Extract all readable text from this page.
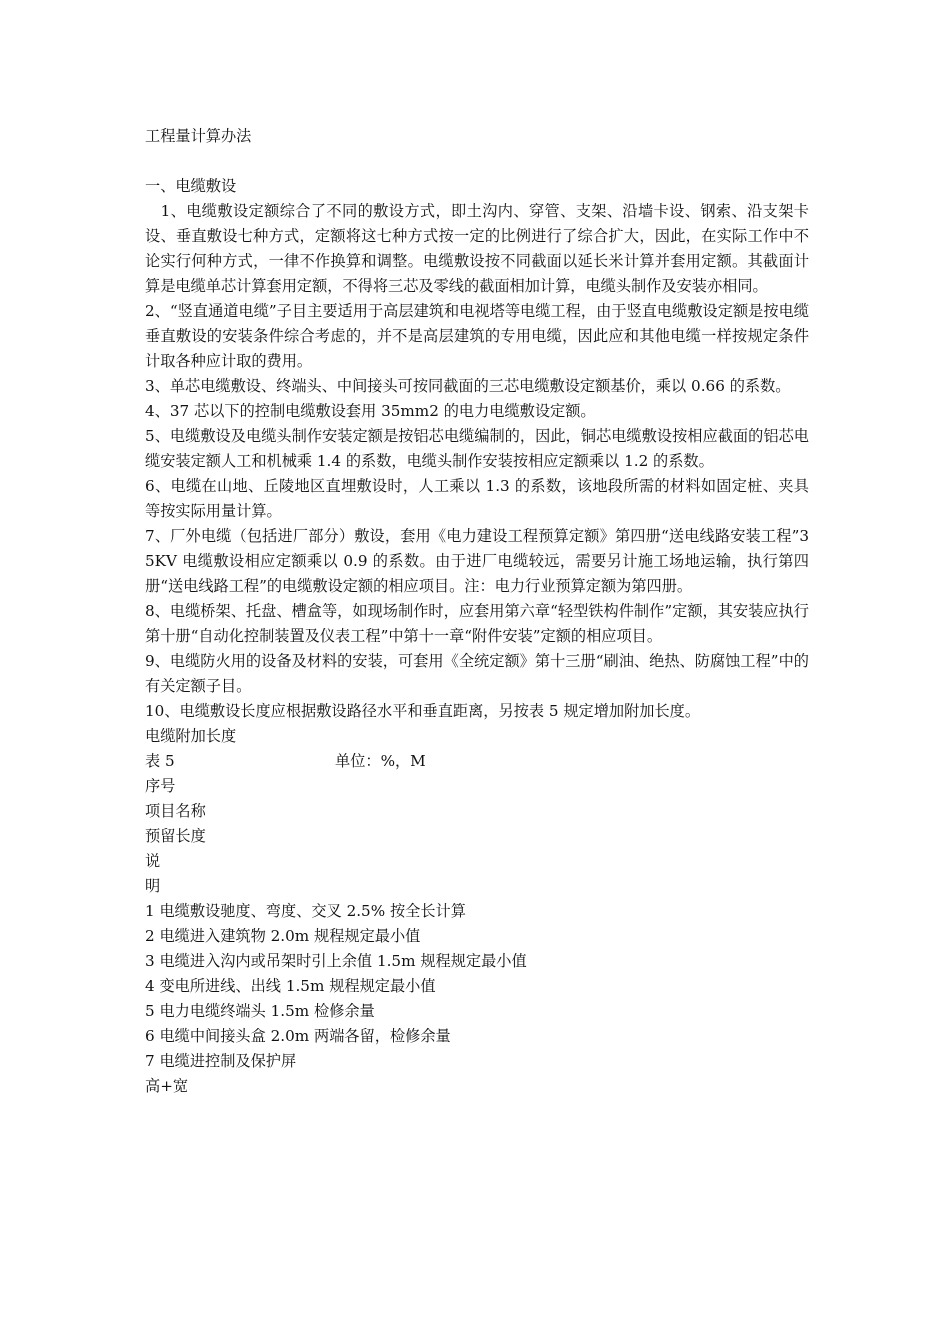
工程量计算办法
一、电缆敷设
　1、电缆敷设定额综合了不同的敷设方式，即土沟内、穿管、支架、沿墙卡设、钢索、沿支架卡设、垂直敷设七种方式，定额将这七种方式按一定的比例进行了综合扩大，因此，在实际工作中不论实行何种方式，一律不作换算和调整。电缆敷设按不同截面以延长米计算并套用定额。其截面计算是电缆单芯计算套用定额，不得将三芯及零线的截面相加计算，电缆头制作及安装亦相同。
2、“竖直通道电缆”子目主要适用于高层建筑和电视塔等电缆工程，由于竖直电缆敷设定额是按电缆垂直敷设的安装条件综合考虑的，并不是高层建筑的专用电缆，因此应和其他电缆一样按规定条件计取各种应计取的费用。
3、单芯电缆敷设、终端头、中间接头可按同截面的三芯电缆敷设定额基价，乘以 0.66 的系数。
4、37 芯以下的控制电缆敷设套用 35mm2 的电力电缆敷设定额。
5、电缆敷设及电缆头制作安装定额是按铝芯电缆编制的，因此，铜芯电缆敷设按相应截面的铝芯电缆安装定额人工和机械乘 1.4 的系数，电缆头制作安装按相应定额乘以 1.2 的系数。
6、电缆在山地、丘陵地区直埋敷设时，人工乘以 1.3 的系数，该地段所需的材料如固定桩、夹具等按实际用量计算。
7、厂外电缆（包括进厂部分）敷设，套用《电力建设工程预算定额》第四册“送电线路安装工程”35KV 电缆敷设相应定额乘以 0.9 的系数。由于进厂电缆较远，需要另计施工场地运输，执行第四册“送电线路工程”的电缆敷设定额的相应项目。注：电力行业预算定额为第四册。
8、电缆桥架、托盘、槽盒等，如现场制作时，应套用第六章“轻型铁构件制作”定额，其安装应执行第十册“自动化控制装置及仪表工程”中第十一章“附件安装”定额的相应项目。
9、电缆防火用的设备及材料的安装，可套用《全统定额》第十三册“刷油、绝热、防腐蚀工程”中的有关定额子目。
10、电缆敷设长度应根据敷设路径水平和垂直距离，另按表 5 规定增加附加长度。
电缆附加长度
表 5	单位：%，M
序号
项目名称
预留长度
说
明
1 电缆敷设驰度、弯度、交叉 2.5% 按全长计算
2 电缆进入建筑物 2.0m 规程规定最小值
3 电缆进入沟内或吊架时引上余值 1.5m 规程规定最小值
4 变电所进线、出线 1.5m 规程规定最小值
5 电力电缆终端头 1.5m 检修余量
6 电缆中间接头盒 2.0m 两端各留，检修余量
7 电缆进控制及保护屏
高+宽
